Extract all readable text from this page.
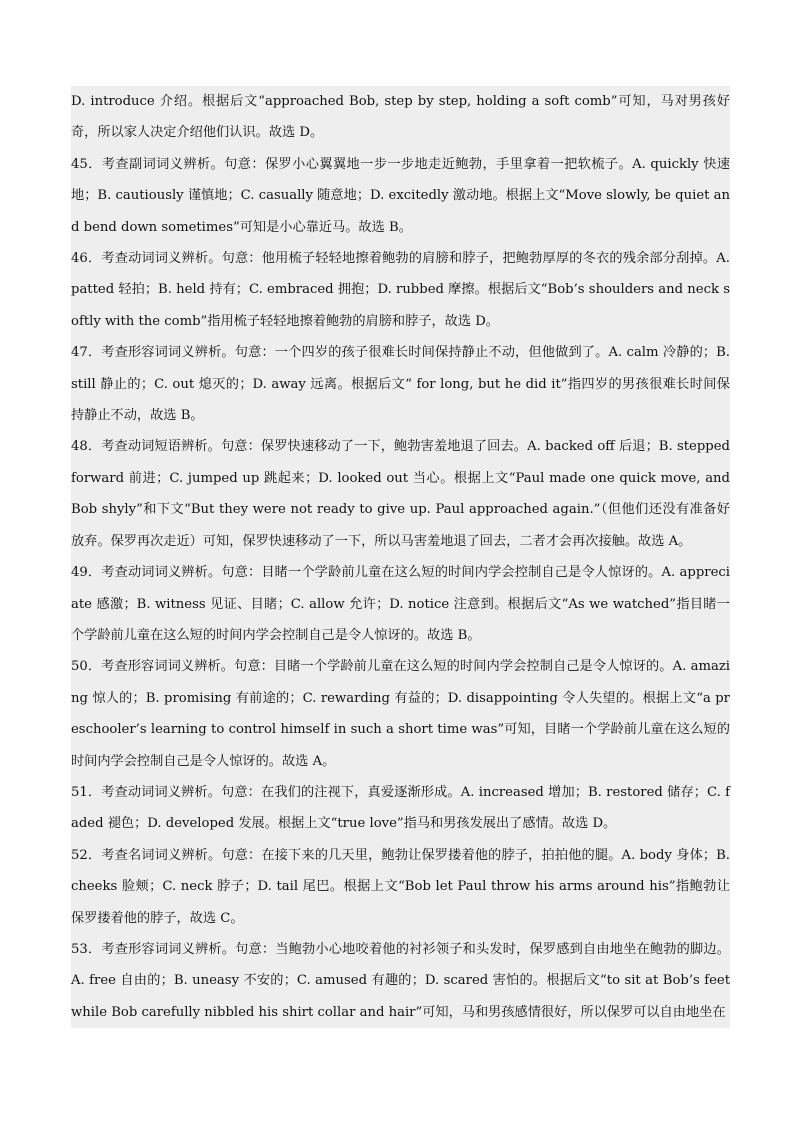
D. introduce 介绍。根据后文“approached Bob, step by step, holding a soft comb”可知，马对男孩好奇，所以家人决定介绍他们认识。故选 D。

45．考查副词词义辨析。句意：保罗小心翼翼地一步一步地走近鲍勃，手里拿着一把软梳子。A. quickly 快速地；B. cautiously 谨慎地；C. casually 随意地；D. excitedly 激动地。根据上文“Move slowly, be quiet and bend down sometimes”可知是小心靠近马。故选 B。

46．考查动词词义辨析。句意：他用梳子轻轻地擦着鲍勃的肩膀和脖子，把鲍勃厚厚的冬衣的残余部分刮掉。A. patted 轻拍；B. held 持有；C. embraced 拥抱；D. rubbed 摩擦。根据后文“Bob’s shoulders and neck softly with the comb”指用梳子轻轻地擦着鲍勃的肩膀和脖子，故选 D。

47．考查形容词词义辨析。句意：一个四岁的孩子很难长时间保持静止不动，但他做到了。A. calm 冷静的；B. still 静止的；C. out 熄灭的；D. away 远离。根据后文“ for long, but he did it”指四岁的男孩很难长时间保持静止不动，故选 B。

48．考查动词短语辨析。句意：保罗快速移动了一下，鲍勃害羞地退了回去。A. backed off 后退；B. stepped forward 前进；C. jumped up 跳起来；D. looked out 当心。根据上文“Paul made one quick move, and Bob shyly”和下文“But they were not ready to give up. Paul approached again.”（但他们还没有准备好放弃。保罗再次走近）可知，保罗快速移动了一下，所以马害羞地退了回去，二者才会再次接触。故选 A。

49．考查动词词义辨析。句意：目睹一个学龄前儿童在这么短的时间内学会控制自己是令人惊讶的。A. appreciate 感激；B. witness 见证、目睹；C. allow 允许；D. notice 注意到。根据后文“As we watched”指目睹一个学龄前儿童在这么短的时间内学会控制自己是令人惊讶的。故选 B。

50．考查形容词词义辨析。句意：目睹一个学龄前儿童在这么短的时间内学会控制自己是令人惊讶的。A. amazing 惊人的；B. promising 有前途的；C. rewarding 有益的；D. disappointing 令人失望的。根据上文“a preschooler’s learning to control himself in such a short time was”可知，目睹一个学龄前儿童在这么短的时间内学会控制自己是令人惊讶的。故选 A。

51．考查动词词义辨析。句意：在我们的注视下，真爱逐渐形成。A. increased 增加；B. restored 储存；C. faded 褪色；D. developed 发展。根据上文“true love”指马和男孩发展出了感情。故选 D。

52．考查名词词义辨析。句意：在接下来的几天里，鲍勃让保罗搂着他的脖子，拍拍他的腿。A. body 身体；B. cheeks 脸颊；C. neck 脖子；D. tail 尾巴。根据上文“Bob let Paul throw his arms around his”指鲍勃让保罗搂着他的脖子，故选 C。

53．考查形容词词义辨析。句意：当鲍勃小心地咬着他的衬衫领子和头发时，保罗感到自由地坐在鲍勃的脚边。A. free 自由的；B. uneasy 不安的；C. amused 有趣的；D. scared 害怕的。根据后文“to sit at Bob’s feet while Bob carefully nibbled his shirt collar and hair”可知，马和男孩感情很好，所以保罗可以自由地坐在
